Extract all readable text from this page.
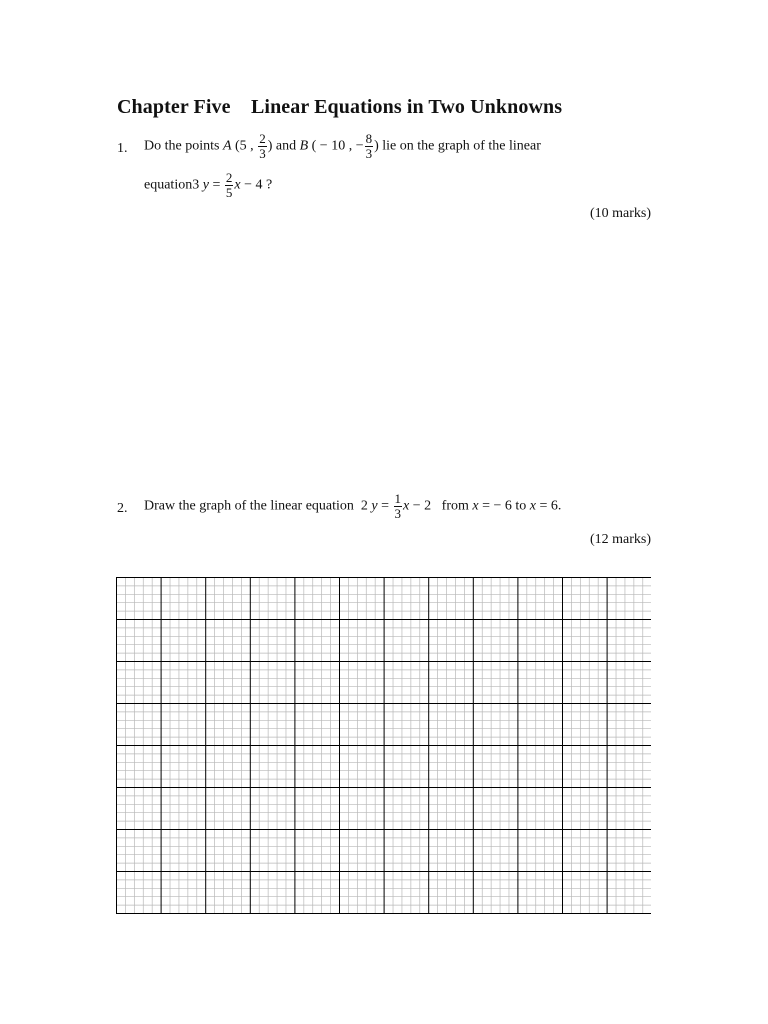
Chapter Five    Linear Equations in Two Unknowns
1. Do the points A (5 , $\frac{2}{3}$ ) and B ( − 10 , − $\frac{8}{3}$ ) lie on the graph of the linear
equation3 $y = \frac{2}{5}$ x − 4 ?
(10 marks)
2. Draw the graph of the linear equation 2 $y = \frac{1}{3}$ x − 2 from x = − 6 to x = 6.
(12 marks)
